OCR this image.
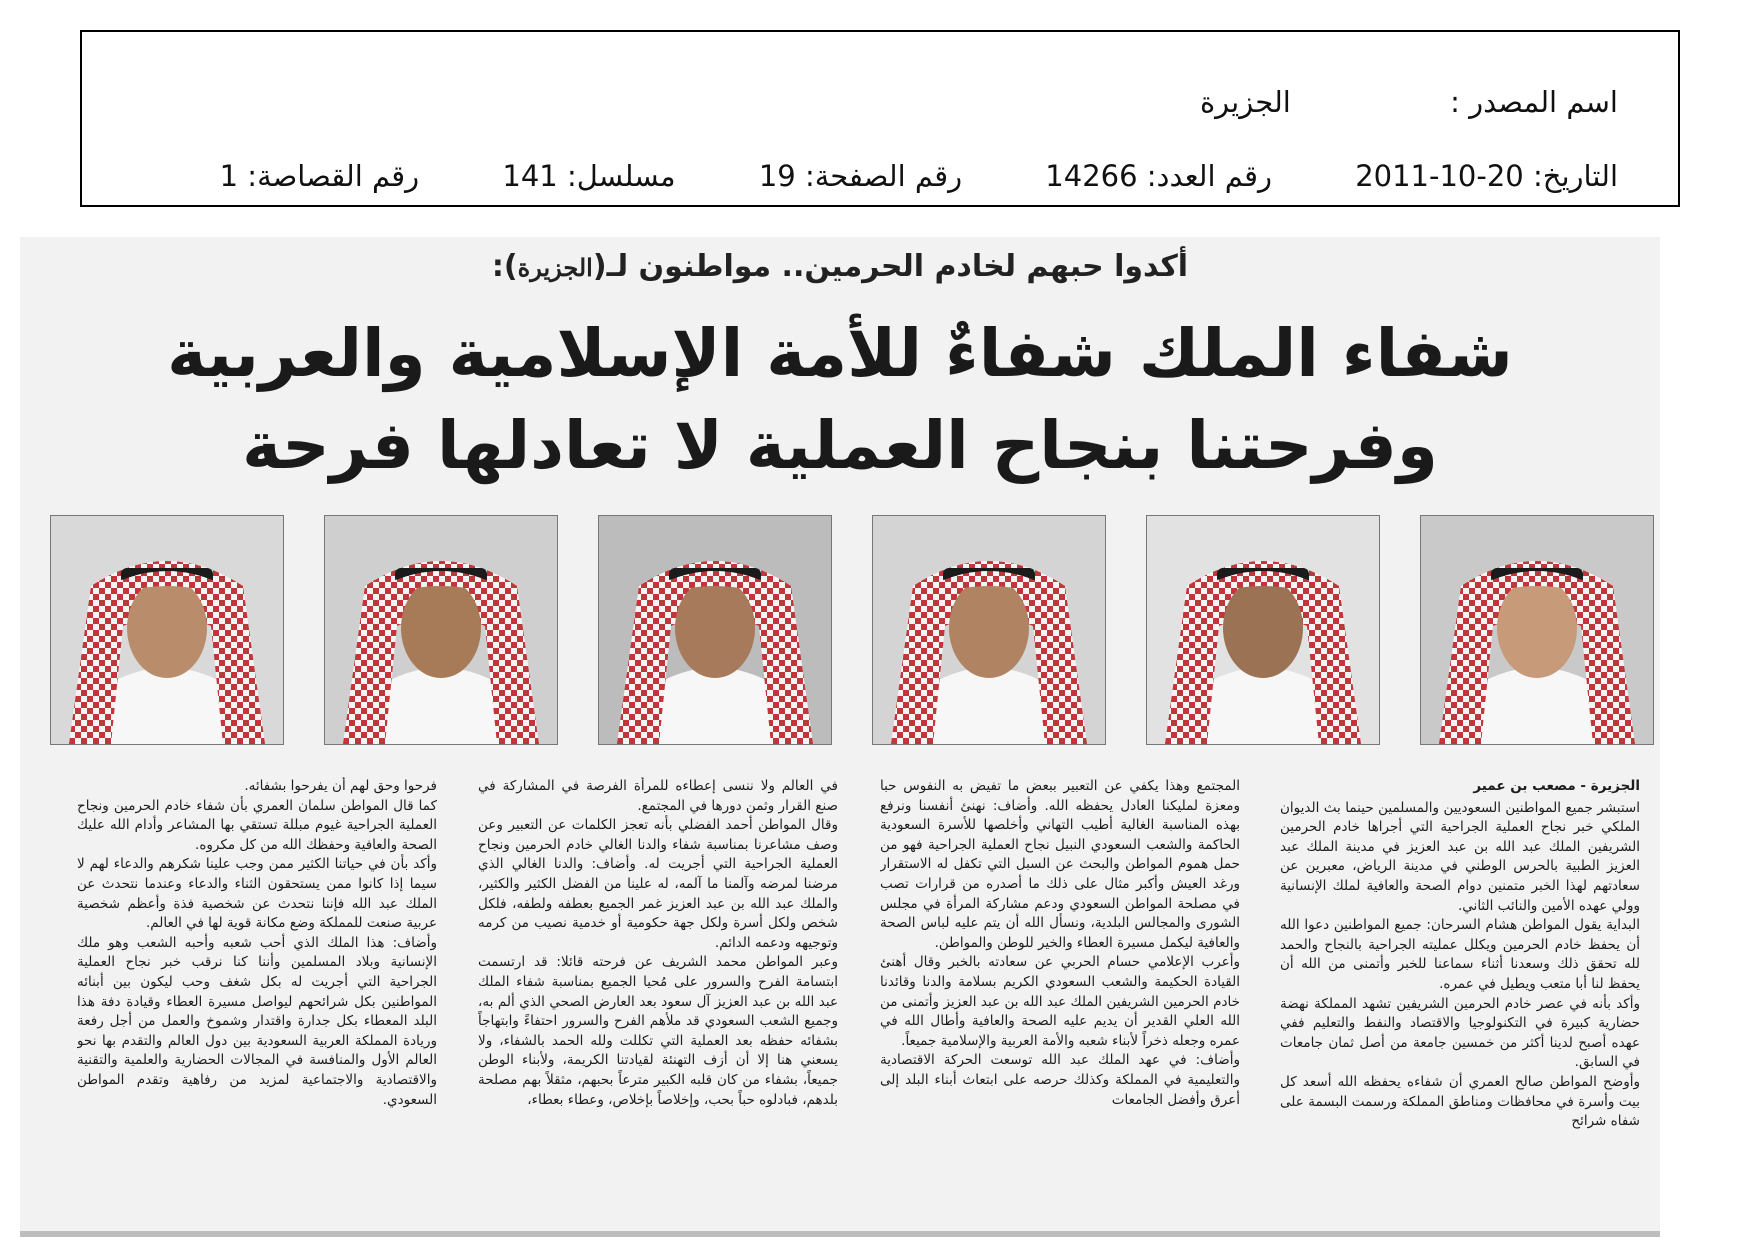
اسم المصدر : الجزيرة
التاريخ: 2011-10-20 رقم العدد: 14266 رقم الصفحة: 19 مسلسل: 141 رقم القصاصة: 1
أكدوا حبهم لخادم الحرمين.. مواطنون لـ(الجزيرة):
شفاء الملك شفاءٌ للأمة الإسلامية والعربية
وفرحتنا بنجاح العملية لا تعادلها فرحة
الجزيرة - مصعب بن عمير
استبشر جميع المواطنين السعوديين والمسلمين حينما بث الديوان الملكي خبر نجاح العملية الجراحية التي أجراها خادم الحرمين الشريفين الملك عبد الله بن عبد العزيز في مدينة الملك عبد العزيز الطبية بالحرس الوطني في مدينة الرياض، معبرين عن سعادتهم لهذا الخبر متمنين دوام الصحة والعافية لملك الإنسانية وولي عهده الأمين والنائب الثاني.
البداية يقول المواطن هشام السرحان: جميع المواطنين دعوا الله أن يحفظ خادم الحرمين ويكلل عمليته الجراحية بالنجاح والحمد لله تحقق ذلك وسعدنا أثناء سماعنا للخبر وأتمنى من الله أن يحفظ لنا أبا متعب ويطيل في عمره.
وأكد بأنه في عصر خادم الحرمين الشريفين تشهد المملكة نهضة حضارية كبيرة في التكنولوجيا والاقتصاد والنفط والتعليم ففي عهده أصبح لدينا أكثر من خمسين جامعة من أصل ثمان جامعات في السابق.
وأوضح المواطن صالح العمري أن شفاءه يحفظه الله أسعد كل بيت وأسرة في محافظات ومناطق المملكة ورسمت البسمة على شفاه شرائح
المجتمع وهذا يكفي عن التعبير ببعض ما تفيض به النفوس حبا ومعزة لمليكنا العادل يحفظه الله. وأضاف: نهنئ أنفسنا ونرفع بهذه المناسبة الغالية أطيب التهاني وأخلصها للأسرة السعودية الحاكمة والشعب السعودي النبيل نجاح العملية الجراحية فهو من حمل هموم المواطن والبحث عن السبل التي تكفل له الاستقرار ورغد العيش وأكبر مثال على ذلك ما أصدره من قرارات تصب في مصلحة المواطن السعودي ودعم مشاركة المرأة في مجلس الشورى والمجالس البلدية، ونسأل الله أن يتم عليه لباس الصحة والعافية ليكمل مسيرة العطاء والخير للوطن والمواطن.
وأعرب الإعلامي حسام الحربي عن سعادته بالخبر وقال أهنئ القيادة الحكيمة والشعب السعودي الكريم بسلامة والدنا وقائدنا خادم الحرمين الشريفين الملك عبد الله بن عبد العزيز وأتمنى من الله العلي القدير أن يديم عليه الصحة والعافية وأطال الله في عمره وجعله ذخراً لأبناء شعبه والأمة العربية والإسلامية جميعاً.
وأضاف: في عهد الملك عبد الله توسعت الحركة الاقتصادية والتعليمية في المملكة وكذلك حرصه على ابتعاث أبناء البلد إلى أعرق وأفضل الجامعات
في العالم ولا ننسى إعطاءه للمرأة الفرصة في المشاركة في صنع القرار وثمن دورها في المجتمع.
وقال المواطن أحمد الفضلي بأنه تعجز الكلمات عن التعبير وعن وصف مشاعرنا بمناسبة شفاء والدنا الغالي خادم الحرمين ونجاح العملية الجراحية التي أجريت له. وأضاف: والدنا الغالي الذي مرضنا لمرضه وآلمنا ما آلمه، له علينا من الفضل الكثير والكثير، والملك عبد الله بن عبد العزيز غمر الجميع بعطفه ولطفه، فلكل شخص ولكل أسرة ولكل جهة حكومية أو خدمية نصيب من كرمه وتوجيهه ودعمه الدائم.
وعبر المواطن محمد الشريف عن فرحته قائلا: قد ارتسمت ابتسامة الفرح والسرور على مُحيا الجميع بمناسبة شفاء الملك عبد الله بن عبد العزيز آل سعود بعد العارض الصحي الذي ألم به، وجميع الشعب السعودي قد ملأهم الفرح والسرور احتفاءً وابتهاجاً بشفائه حفظه بعد العملية التي تكللت ولله الحمد بالشفاء، ولا يسعني هنا إلا أن أزف التهنئة لقيادتنا الكريمة، ولأبناء الوطن جميعاً، بشفاء من كان قلبه الكبير مترعاً بحبهم، مثقلاً بهم مصلحة بلدهم، فبادلوه حباً بحب، وإخلاصاً بإخلاص، وعطاء بعطاء،
فرحوا وحق لهم أن يفرحوا بشفائه.
كما قال المواطن سلمان العمري بأن شفاء خادم الحرمين ونجاح العملية الجراحية غيوم مبللة تستقي بها المشاعر وأدام الله عليك الصحة والعافية وحفظك الله من كل مكروه.
وأكد بأن في حياتنا الكثير ممن وجب علينا شكرهم والدعاء لهم لا سيما إذا كانوا ممن يستحقون الثناء والدعاء وعندما نتحدث عن الملك عبد الله فإننا نتحدث عن شخصية فذة وأعظم شخصية عربية صنعت للمملكة وضع مكانة قوية لها في العالم.
وأضاف: هذا الملك الذي أحب شعبه وأحبه الشعب وهو ملك الإنسانية وبلاد المسلمين وأننا كنا نرقب خبر نجاح العملية الجراحية التي أجريت له بكل شغف وحب ليكون بين أبنائه المواطنين بكل شرائحهم ليواصل مسيرة العطاء وقيادة دفة هذا البلد المعطاء بكل جدارة واقتدار وشموخ والعمل من أجل رفعة وريادة المملكة العربية السعودية بين دول العالم والتقدم بها نحو العالم الأول والمنافسة في المجالات الحضارية والعلمية والتقنية والاقتصادية والاجتماعية لمزيد من رفاهية وتقدم المواطن السعودي.
